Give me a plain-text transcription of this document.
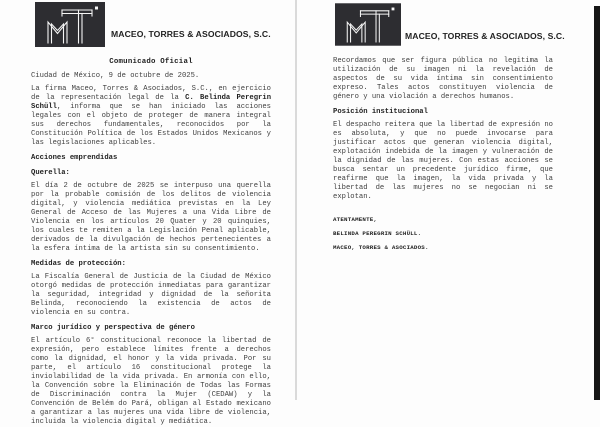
MACEO, TORRES & ASOCIADOS, S.C.
Comunicado Oficial
Ciudad de México, 9 de octubre de 2025.

La firma Maceo, Torres & Asociados, S.C., en ejercicio de la representación legal de la C. Belinda Peregrin Schüll, informa que se han iniciado las acciones legales con el objeto de proteger de manera integral sus derechos fundamentales, reconocidos por la Constitución Política de los Estados Unidos Mexicanos y las legislaciones aplicables.

Acciones emprendidas
Querella:

El día 2 de octubre de 2025 se interpuso una querella por la probable comisión de los delitos de violencia digital, y violencia mediática previstas en la Ley General de Acceso de las Mujeres a una Vida Libre de Violencia en los artículos 20 Quater y 20 quinquies, los cuales te remiten a la Legislación Penal aplicable, derivados de la divulgación de hechos pertenecientes a la esfera íntima de la artista sin su consentimiento.

Medidas de protección:

La Fiscalía General de Justicia de la Ciudad de México otorgó medidas de protección inmediatas para garantizar la seguridad, integridad y dignidad de la señorita Belinda, reconociendo la existencia de actos de violencia en su contra.

Marco jurídico y perspectiva de género

El artículo 6° constitucional reconoce la libertad de expresión, pero establece límites frente a derechos como la dignidad, el honor y la vida privada. Por su parte, el artículo 16 constitucional protege la inviolabilidad de la vida privada. En armonía con ello, la Convención sobre la Eliminación de Todas las Formas de Discriminación contra la Mujer (CEDAW) y la Convención de Belém do Pará, obligan al Estado mexicano a garantizar a las mujeres una vida libre de violencia, incluida la violencia digital y mediática.

MACEO, TORRES & ASOCIADOS, S.C.

Recordamos que ser figura pública no legitima la utilización de su imagen ni la revelación de aspectos de su vida íntima sin consentimiento expreso. Tales actos constituyen violencia de género y una violación a derechos humanos.

Posición institucional

El despacho reitera que la libertad de expresión no es absoluta, y que no puede invocarse para justificar actos que generan violencia digital, explotación indebida de la imagen y vulneración de la dignidad de las mujeres. Con estas acciones se busca sentar un precedente jurídico firme, que reafirme que la imagen, la vida privada y la libertad de las mujeres no se negocian ni se explotan.

ATENTAMENTE,
BELINDA PEREGRIN SCHÜLL.
MACEO, TORRES & ASOCIADOS.
